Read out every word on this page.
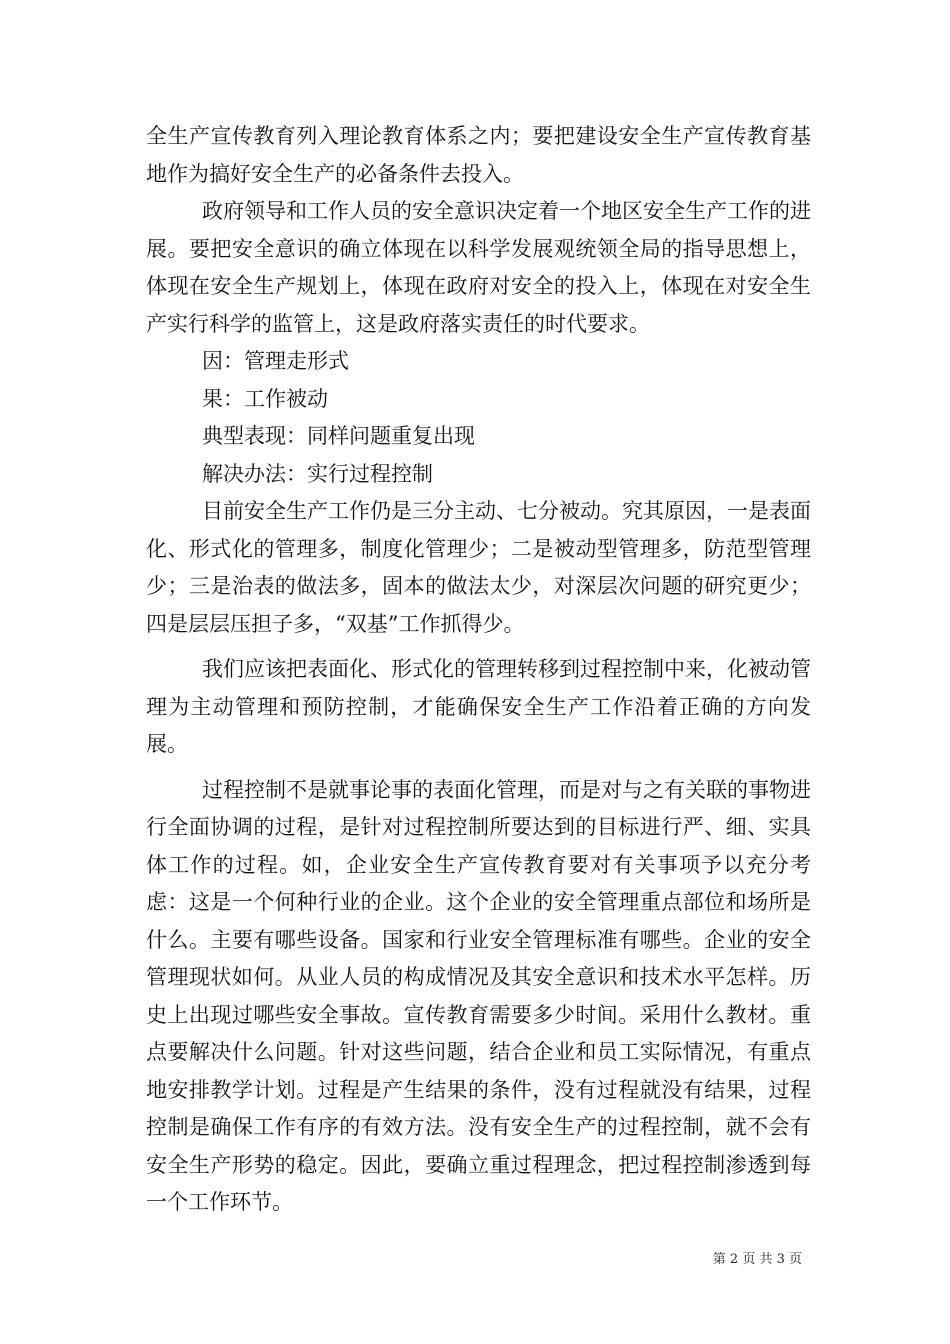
全生产宣传教育列入理论教育体系之内；要把建设安全生产宣传教育基地作为搞好安全生产的必备条件去投入。

政府领导和工作人员的安全意识决定着一个地区安全生产工作的进展。要把安全意识的确立体现在以科学发展观统领全局的指导思想上，体现在安全生产规划上，体现在政府对安全的投入上，体现在对安全生产实行科学的监管上，这是政府落实责任的时代要求。

因：管理走形式

果：工作被动

典型表现：同样问题重复出现

解决办法：实行过程控制

目前安全生产工作仍是三分主动、七分被动。究其原因，一是表面化、形式化的管理多，制度化管理少；二是被动型管理多，防范型管理少；三是治表的做法多，固本的做法太少，对深层次问题的研究更少；四是层层压担子多，“双基”工作抓得少。

我们应该把表面化、形式化的管理转移到过程控制中来，化被动管理为主动管理和预防控制，才能确保安全生产工作沿着正确的方向发展。

过程控制不是就事论事的表面化管理，而是对与之有关联的事物进行全面协调的过程，是针对过程控制所要达到的目标进行严、细、实具体工作的过程。如，企业安全生产宣传教育要对有关事项予以充分考虑：这是一个何种行业的企业。这个企业的安全管理重点部位和场所是什么。主要有哪些设备。国家和行业安全管理标准有哪些。企业的安全管理现状如何。从业人员的构成情况及其安全意识和技术水平怎样。历史上出现过哪些安全事故。宣传教育需要多少时间。采用什么教材。重点要解决什么问题。针对这些问题，结合企业和员工实际情况，有重点地安排教学计划。过程是产生结果的条件，没有过程就没有结果，过程控制是确保工作有序的有效方法。没有安全生产的过程控制，就不会有安全生产形势的稳定。因此，要确立重过程理念，把过程控制渗透到每一个工作环节。

第 2 页 共 3 页
